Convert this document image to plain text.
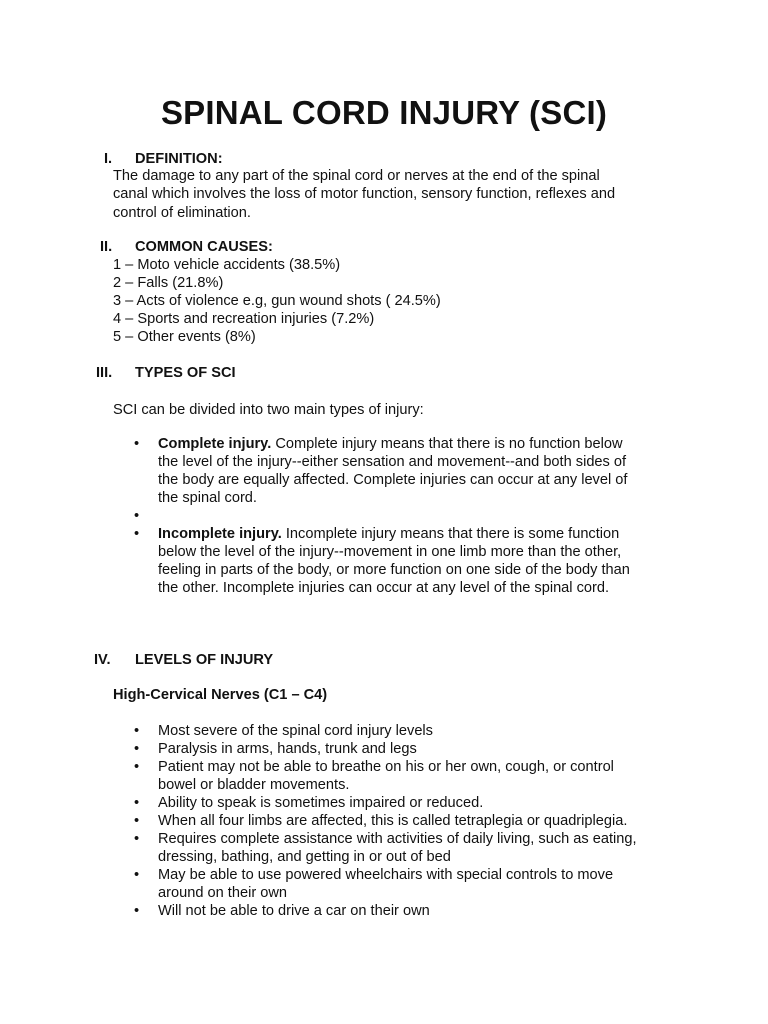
SPINAL CORD INJURY (SCI)
I. DEFINITION:
The damage to any part of the spinal cord or nerves at the end of the spinal
canal which involves the loss of motor function, sensory function, reflexes and
control of elimination.
II. COMMON CAUSES:
1 – Moto vehicle accidents (38.5%)
2 – Falls (21.8%)
3 – Acts of violence e.g, gun wound shots ( 24.5%)
4 – Sports and recreation injuries (7.2%)
5 – Other events (8%)
III. TYPES OF SCI
SCI can be divided into two main types of injury:
• Complete injury. Complete injury means that there is no function below
the level of the injury--either sensation and movement--and both sides of
the body are equally affected. Complete injuries can occur at any level of
the spinal cord.
•
• Incomplete injury. Incomplete injury means that there is some function
below the level of the injury--movement in one limb more than the other,
feeling in parts of the body, or more function on one side of the body than
the other. Incomplete injuries can occur at any level of the spinal cord.
IV. LEVELS OF INJURY
High-Cervical Nerves (C1 – C4)
• Most severe of the spinal cord injury levels
• Paralysis in arms, hands, trunk and legs
• Patient may not be able to breathe on his or her own, cough, or control
bowel or bladder movements.
• Ability to speak is sometimes impaired or reduced.
• When all four limbs are affected, this is called tetraplegia or quadriplegia.
• Requires complete assistance with activities of daily living, such as eating,
dressing, bathing, and getting in or out of bed
• May be able to use powered wheelchairs with special controls to move
around on their own
• Will not be able to drive a car on their own
